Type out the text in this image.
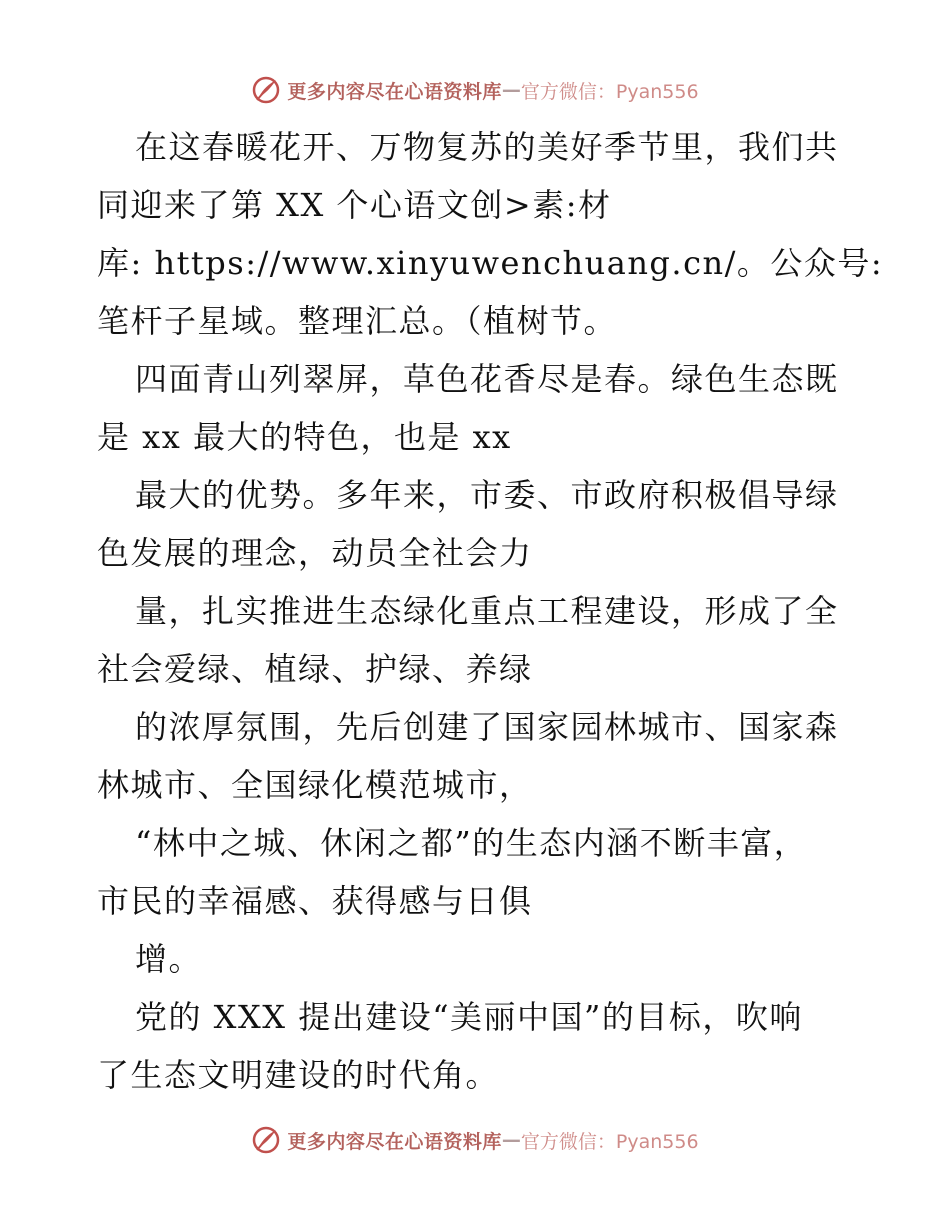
更多内容尽在心语资料库 — 官方微信：Pyan556

在这春暖花开、万物复苏的美好季节里，我们共

同迎来了第 XX 个心语文创>素:材

库: https://www.xinyuwenchuang.cn/。公众号:

笔杆子星域。整理汇总。（植树节。

四面青山列翠屏，草色花香尽是春。绿色生态既

是 xx 最大的特色，也是 xx

最大的优势。多年来，市委、市政府积极倡导绿

色发展的理念，动员全社会力

量，扎实推进生态绿化重点工程建设，形成了全

社会爱绿、植绿、护绿、养绿

的浓厚氛围，先后创建了国家园林城市、国家森

林城市、全国绿化模范城市，

“林中之城、休闲之都”的生态内涵不断丰富，

市民的幸福感、获得感与日俱

增。

党的 XXX 提出建设“美丽中国”的目标，吹响

了生态文明建设的时代角。

更多内容尽在心语资料库 — 官方微信：Pyan556
